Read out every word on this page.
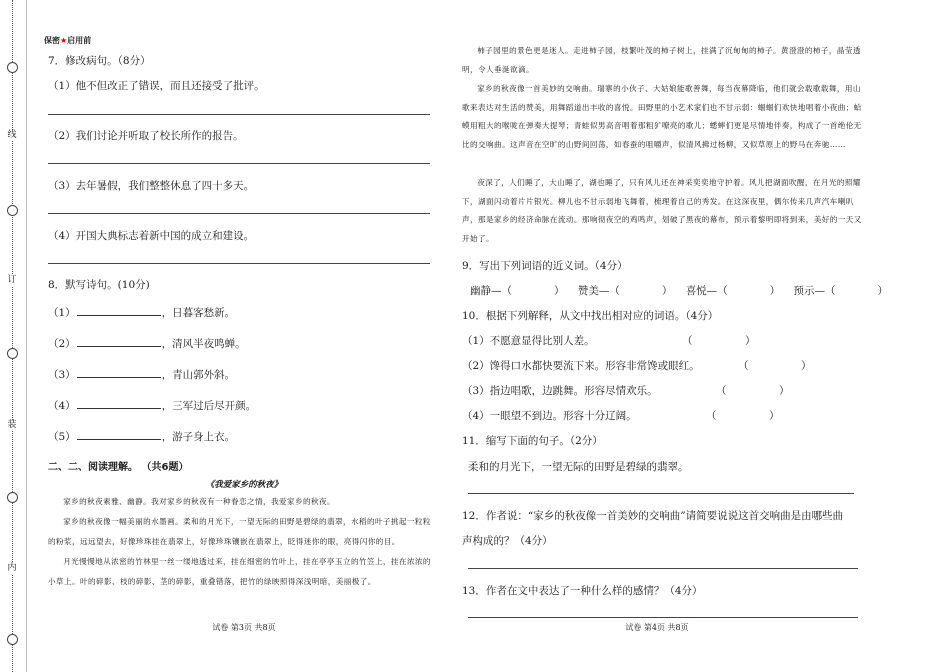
线
订
装
内
保密★启用前
7．修改病句。（8分）
（1）他不但改正了错误，而且还接受了批评。
（2）我们讨论并听取了校长所作的报告。
（3）去年暑假，我们整整休息了四十多天。
（4）开国大典标志着新中国的成立和建设。
8．默写诗句。(10分)
（1）	，日暮客愁新。
（2）	，清风半夜鸣蝉。
（3）	，青山郭外斜。
（4）	，三军过后尽开颜。
（5）	，游子身上衣。
二、二、阅读理解。 （共6题）
《我爱家乡的秋夜》
家乡的秋夜素雅、幽静。我对家乡的秋夜有一种眷恋之情，我爱家乡的秋夜。
家乡的秋夜像一幅美丽的水墨画。柔和的月光下，一望无际的田野是碧绿的翡翠，水稻的叶子挑起一粒粒的粉浆，远远望去，好像珍珠挂在翡翠上，好像珍珠镶嵌在翡翠上，眨得迷你的眼，亮得闪你的目。
月光慢慢地从浓密的竹林里一丝一缕地透过来，挂在细密的竹叶上，挂在亭亭玉立的竹笠上，挂在浓浓的小草上。叶的碎影、枝的碎影、茎的碎影，重叠错落，把竹的绿映照得深浅明暗，美丽极了。
试卷 第3页 共8页
柿子园里的景色更是迷人。走进柿子园，枝繁叶茂的柿子树上，挂满了沉甸甸的柿子。黄澄澄的柿子，晶莹透明，令人垂涎欲滴。
家乡的秋夜像一首美妙的交响曲。瑞寨的小伙子、大姑娘能歌善舞，每当夜幕降临，他们就会载歌载舞，用山歌来表达对生活的赞美，用舞蹈道出丰收的喜悦。田野里的小艺术家们也不甘示弱：蝈蝈们欢快地唱着小夜曲；蛤蟆用粗大的喉咙在弹奏大提琴；青蛙似男高音唱着那粗犷嘹亮的歌儿；蟋蟀们更是尽情地伴奏，构成了一首绝伦无比的交响曲。这声音在空旷的山野间回荡，如春蚕的咀嚼声，似清风拂过杨柳，又似草原上的野马在奔驰……
夜深了，人们睡了，大山睡了，湖也睡了，只有风儿还在神采奕奕地守护着。风儿把湖面吹醒，在月光的照耀下，湖面闪动着片片银光。柳儿也不甘示弱地飞舞着，梳理着自己的秀发。在这深夜里，偶尔传来几声汽车喇叭声，那是家乡的经济命脉在流动。那响彻夜空的鸡鸣声，划破了黑夜的幕布，预示着黎明即将到来，美好的一天又开始了。
9．写出下列词语的近义词。（4分）
幽静—（　　　　） 赞美—（　　　　） 喜悦—（　　　　） 预示—（　　　　）
10．根据下列解释，从文中找出相对应的词语。（4分）
（1）不愿意显得比别人差。	（　　　　　）
（2）馋得口水都快要流下来。形容非常馋或眼红。	（　　　　　）
（3）指边唱歌，边跳舞。形容尽情欢乐。	（　　　　　）
（4）一眼望不到边。形容十分辽阔。	（　　　　　）
11．缩写下面的句子。（2分）
柔和的月光下，一望无际的田野是碧绿的翡翠。
12．作者说：“家乡的秋夜像一首美妙的交响曲”请简要说说这首交响曲是由哪些曲
声构成的？（4分）
13．作者在文中表达了一种什么样的感情？（4分）
试卷 第4页 共8页
